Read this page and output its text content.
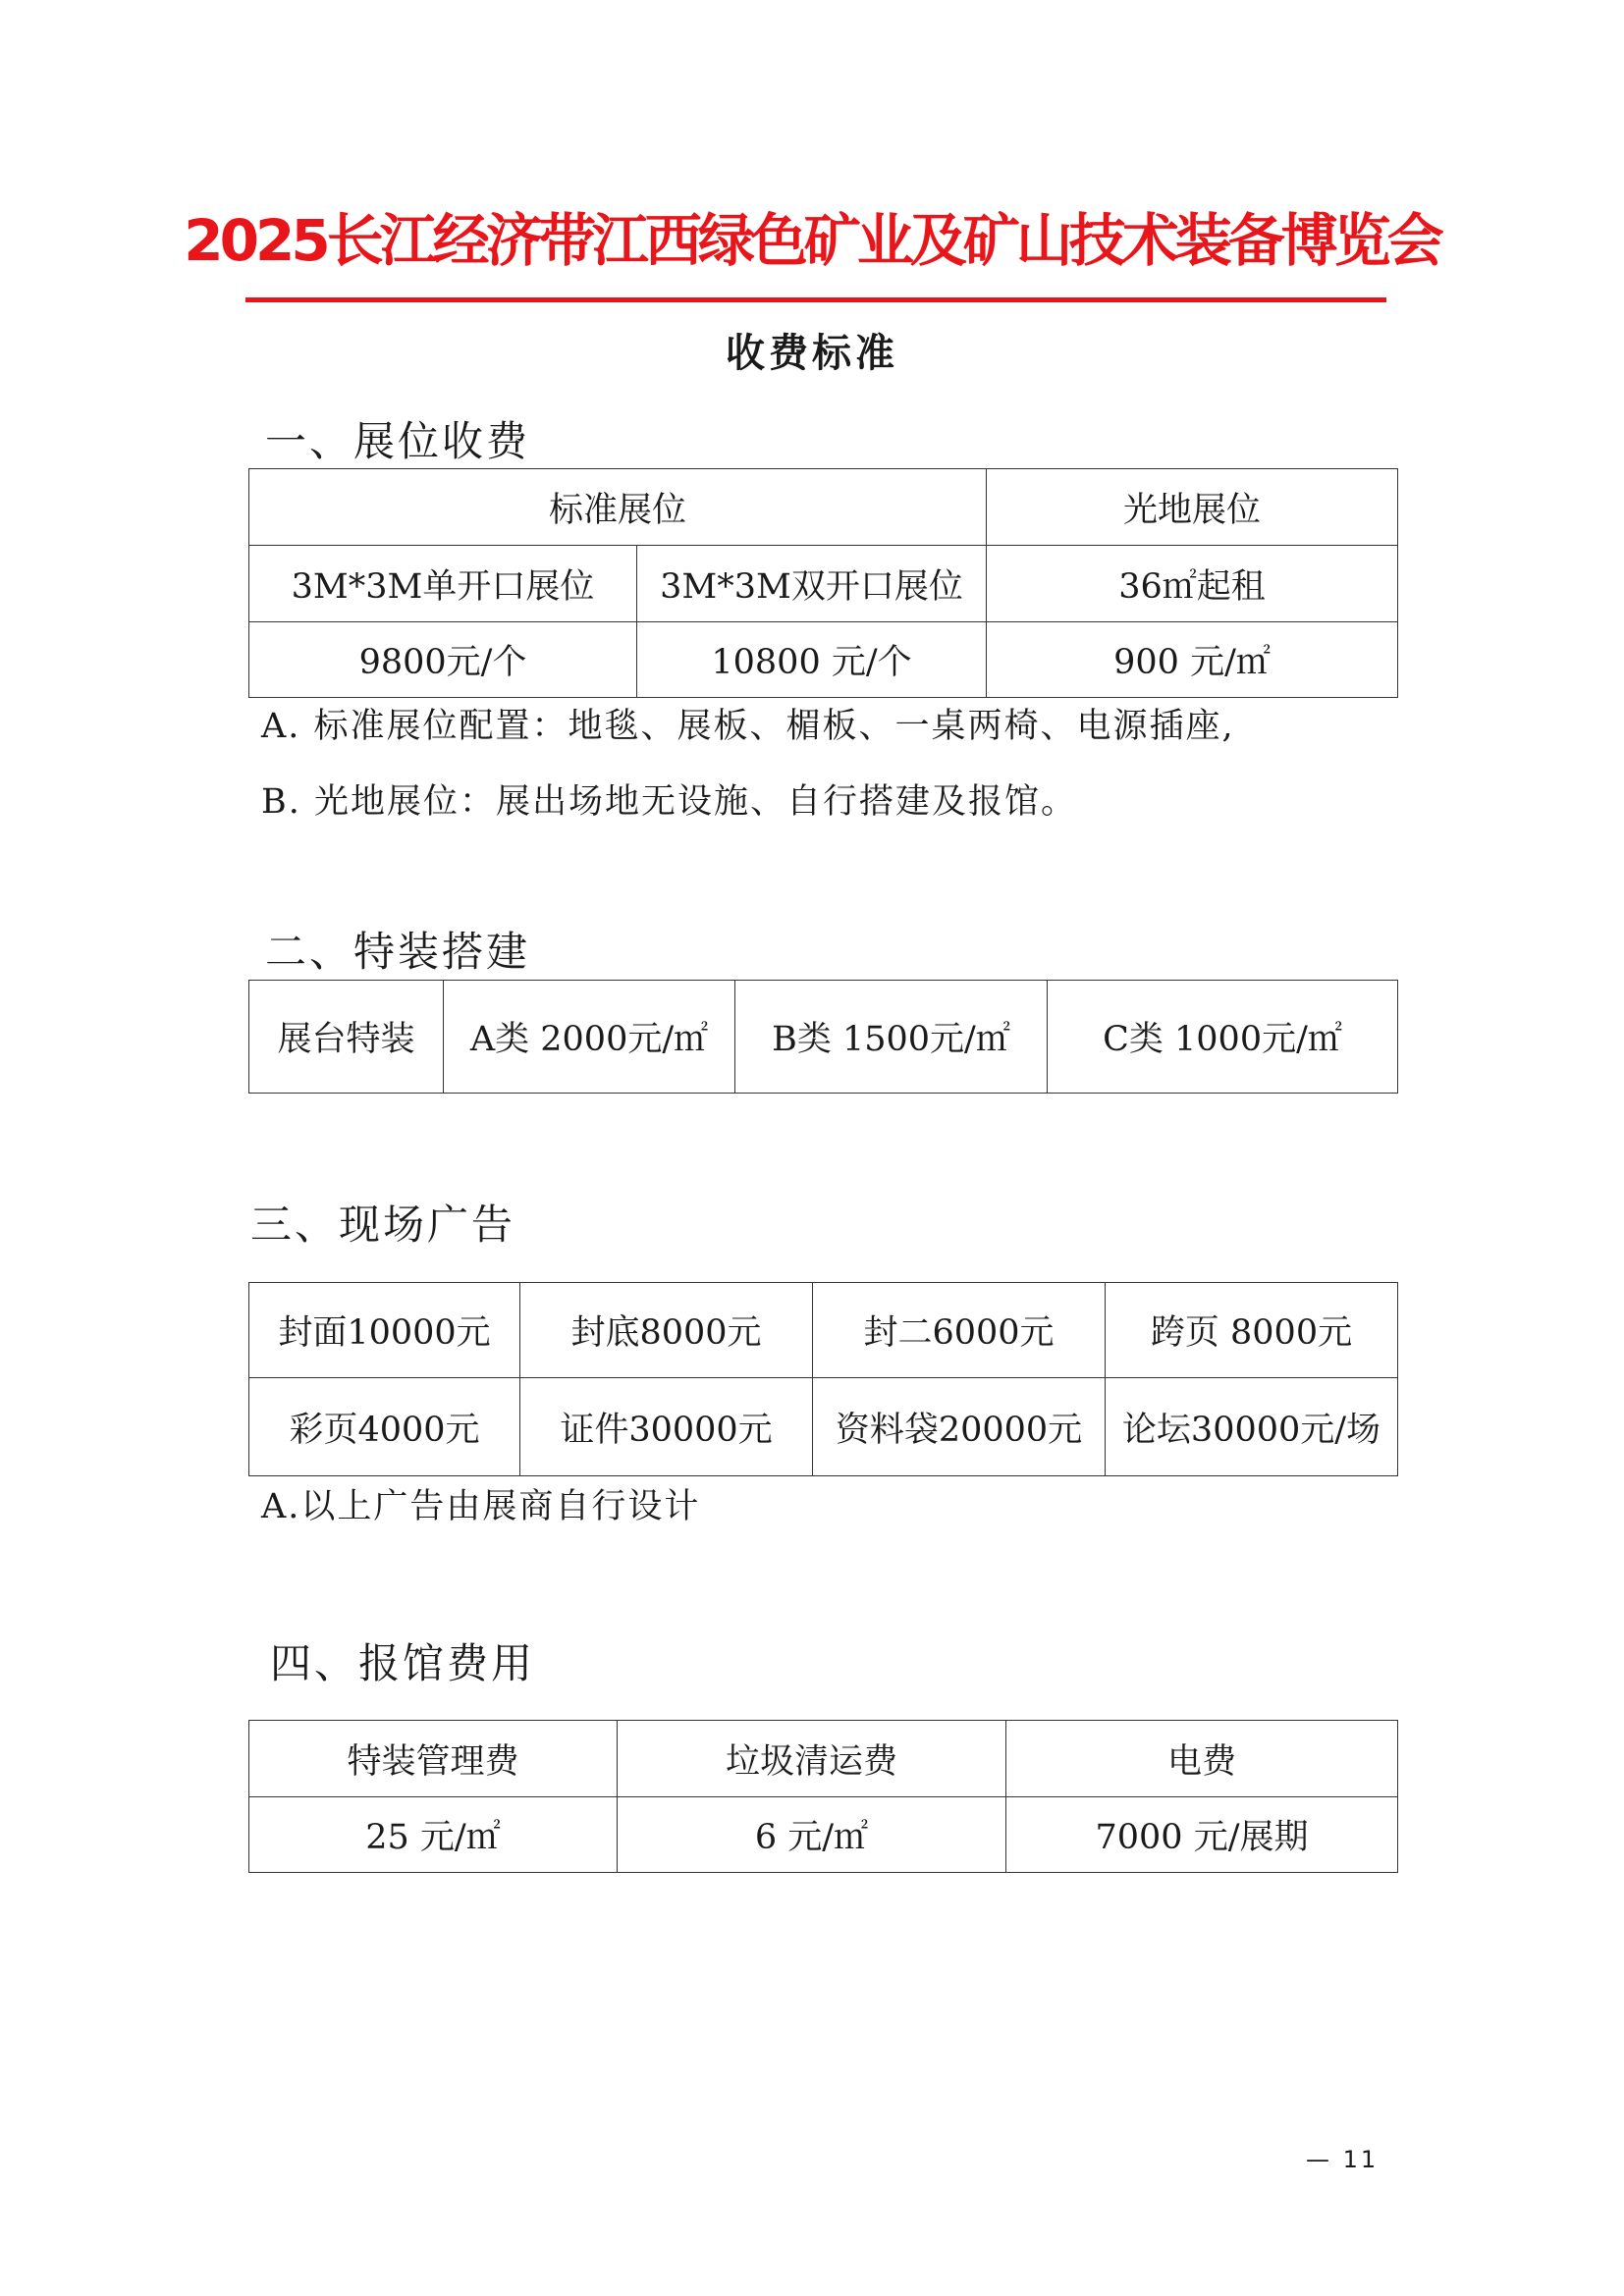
2025长江经济带江西绿色矿业及矿山技术装备博览会
收费标准
一、展位收费
标准展位		光地展位
3M*3M单开口展位	3M*3M双开口展位	36㎡起租
9800元/个	10800 元/个	900 元/㎡
A. 标准展位配置：地毯、展板、楣板、一桌两椅、电源插座,
B. 光地展位：展出场地无设施、自行搭建及报馆。
二、特装搭建
展台特装	A类 2000元/㎡	B类 1500元/㎡	C类 1000元/㎡
三、现场广告
封面10000元	封底8000元	封二6000元	跨页 8000元
彩页4000元	证件30000元	资料袋20000元	论坛30000元/场
A.以上广告由展商自行设计
四、报馆费用
特装管理费	垃圾清运费	电费
25 元/㎡	6 元/㎡	7000 元/展期
— 11
